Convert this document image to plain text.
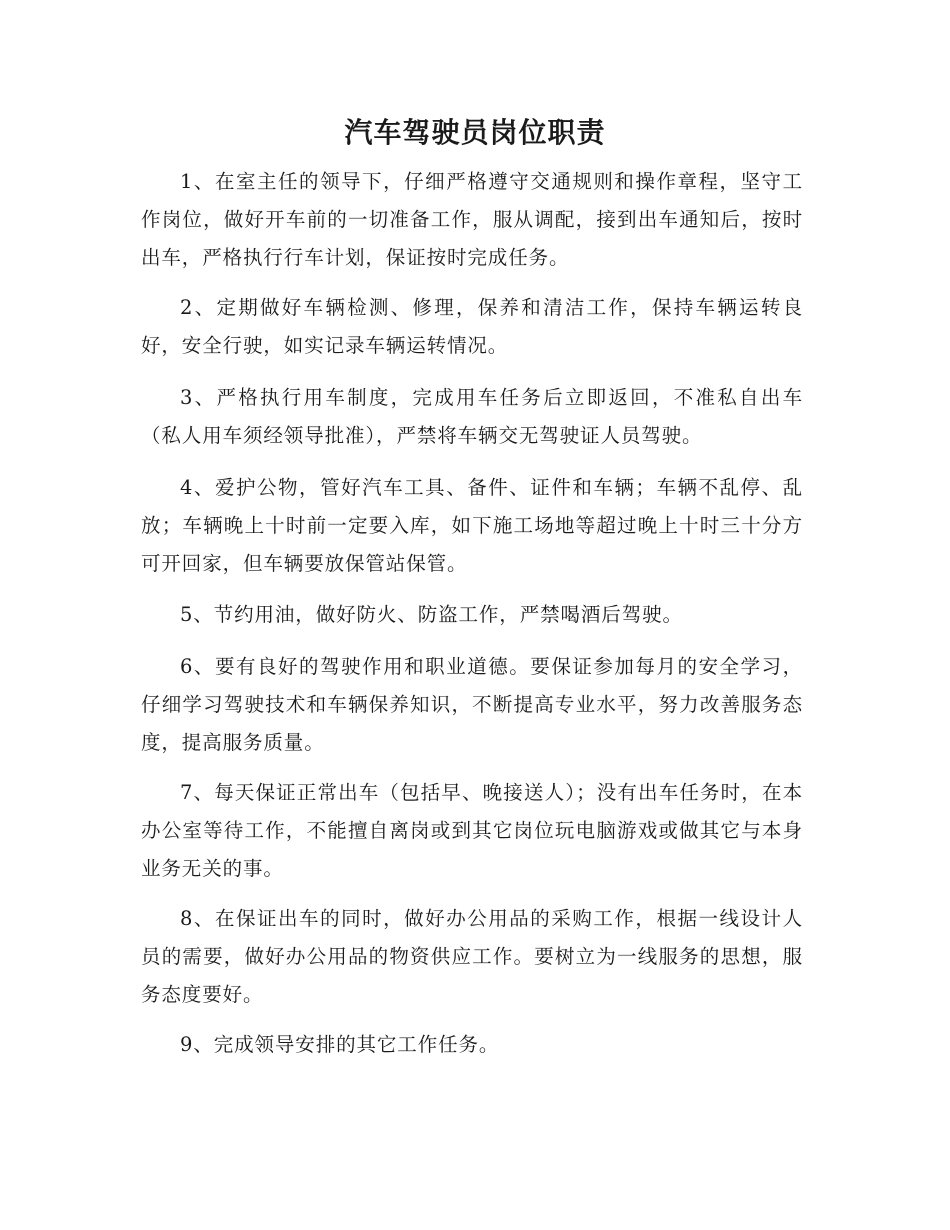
汽车驾驶员岗位职责

1、在室主任的领导下，仔细严格遵守交通规则和操作章程，坚守工作岗位，做好开车前的一切准备工作，服从调配，接到出车通知后，按时出车，严格执行行车计划，保证按时完成任务。

2、定期做好车辆检测、修理，保养和清洁工作，保持车辆运转良好，安全行驶，如实记录车辆运转情况。

3、严格执行用车制度，完成用车任务后立即返回，不准私自出车（私人用车须经领导批准），严禁将车辆交无驾驶证人员驾驶。

4、爱护公物，管好汽车工具、备件、证件和车辆；车辆不乱停、乱放；车辆晚上十时前一定要入库，如下施工场地等超过晚上十时三十分方可开回家，但车辆要放保管站保管。

5、节约用油，做好防火、防盗工作，严禁喝酒后驾驶。

6、要有良好的驾驶作用和职业道德。要保证参加每月的安全学习，仔细学习驾驶技术和车辆保养知识，不断提高专业水平，努力改善服务态度，提高服务质量。

7、每天保证正常出车（包括早、晚接送人）；没有出车任务时，在本办公室等待工作，不能擅自离岗或到其它岗位玩电脑游戏或做其它与本身业务无关的事。

8、在保证出车的同时，做好办公用品的采购工作，根据一线设计人员的需要，做好办公用品的物资供应工作。要树立为一线服务的思想，服务态度要好。

9、完成领导安排的其它工作任务。
